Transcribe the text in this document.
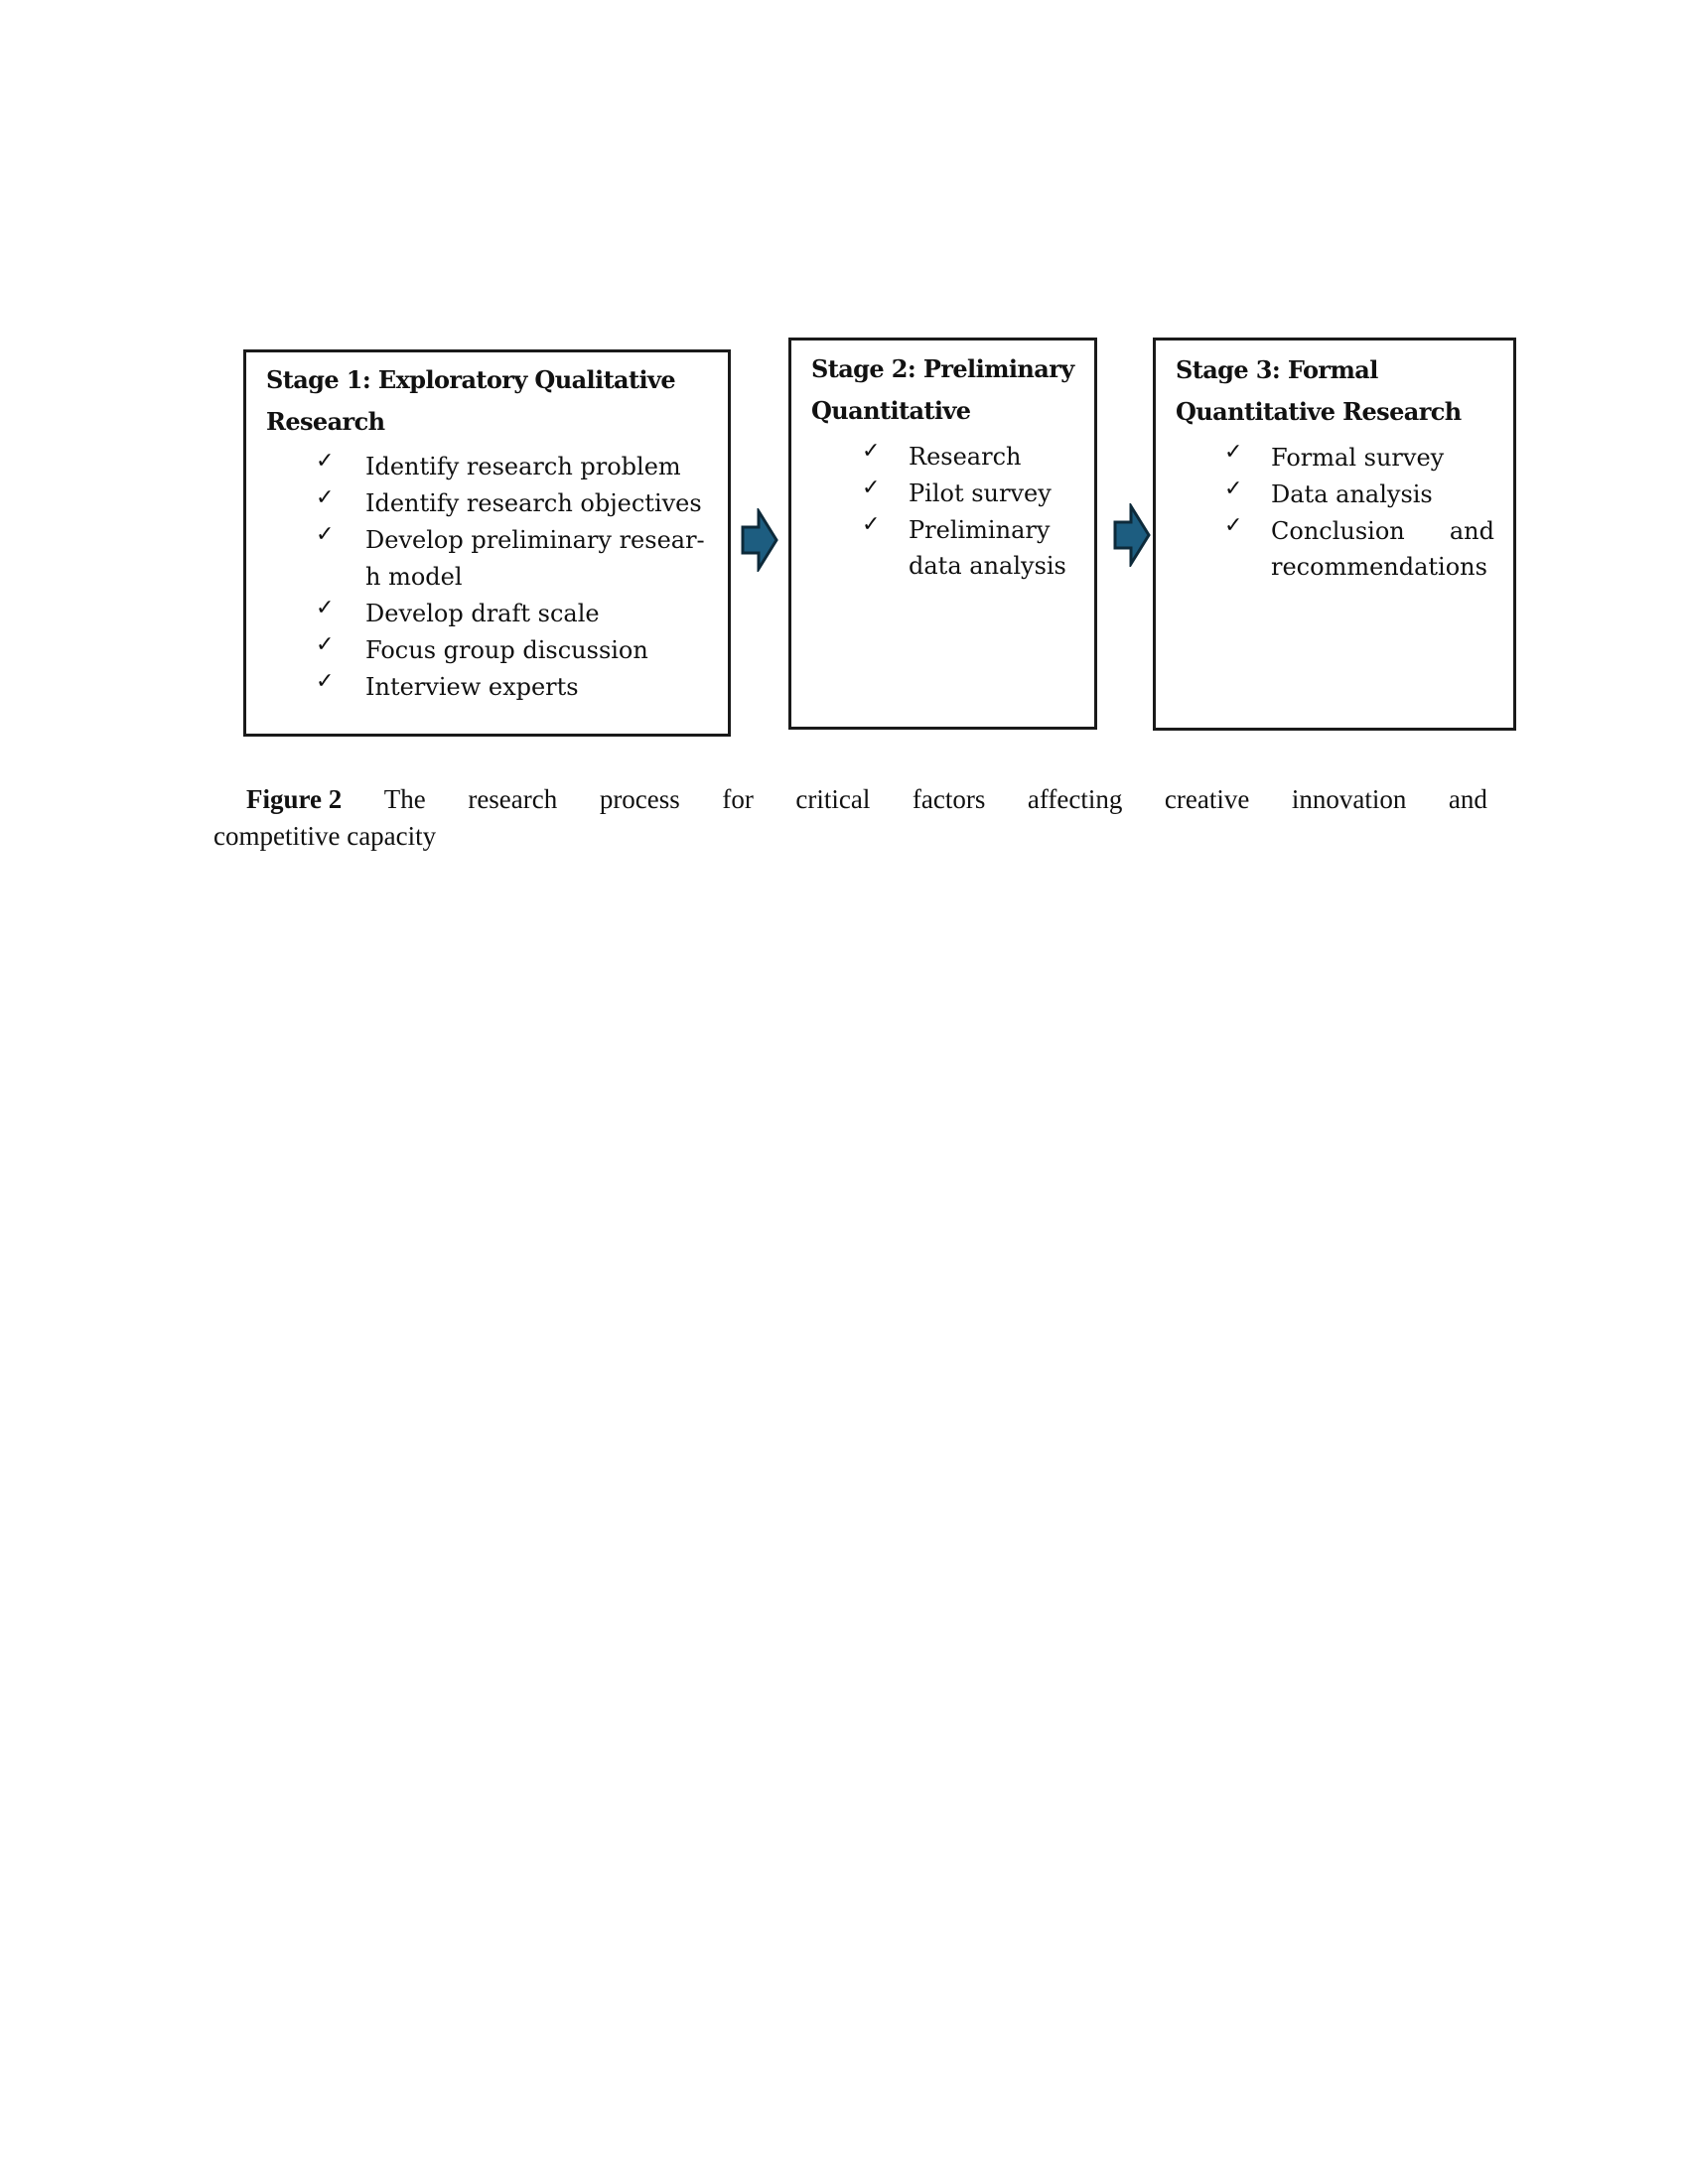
Stage 1: Exploratory Qualitative
Research
✓ Identify research problem
✓ Identify research objectives
✓ Develop preliminary resear-
h model
✓ Develop draft scale
✓ Focus group discussion
✓ Interview experts
Stage 2: Preliminary
Quantitative
✓ Research
✓ Pilot survey
✓ Preliminary
data analysis
Stage 3: Formal
Quantitative Research
✓ Formal survey
✓ Data analysis
✓ Conclusion and
recommendations
Figure 2 The research process for critical factors affecting creative innovation and
competitive capacity
